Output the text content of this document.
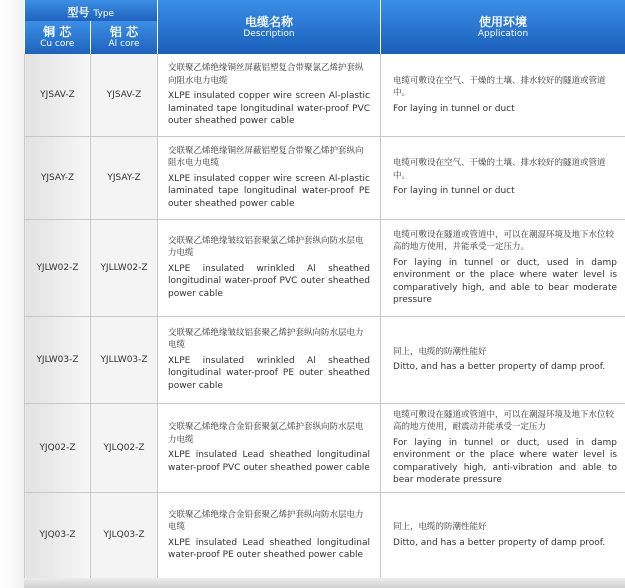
型号 Type		电缆名称
Description	使用环境
Application

铜 芯
Cu core	铝 芯
Al core		

YJSAV-Z	YJSAV-Z	交联聚乙烯绝缘铜丝屏蔽铝塑复合带聚氯乙烯护套纵向阻水电力电缆
XLPE insulated copper wire screen Al-plastic laminated tape longitudinal water-proof PVC outer sheathed power cable	电缆可敷设在空气、干燥的土壤、排水较好的隧道或管道中。
For laying in tunnel or duct

YJSAY-Z	YJSAY-Z	交联聚乙烯绝缘铜丝屏蔽铝塑复合带聚乙烯护套纵向阻水电力电缆
XLPE insulated copper wire screen Al-plastic laminated tape longitudinal water-proof PE outer sheathed power cable	电缆可敷设在空气、干燥的土壤、排水较好的隧道或管道中。
For laying in tunnel or duct

YJLW02-Z	YJLLW02-Z	交联聚乙烯绝缘皱纹铝套聚氯乙烯护套纵向防水层电力电缆
XLPE insulated wrinkled Al sheathed longitudinal water-proof PVC outer sheathed power cable	电缆可敷设在隧道或管道中，可以在潮湿环境及地下水位较高的地方使用，并能承受一定压力。
For laying in tunnel or duct, used in damp environment or the place where water level is comparatively high, and able to bear moderate pressure

YJLW03-Z	YJLLW03-Z	交联聚乙烯绝缘皱纹铝套聚乙烯护套纵向防水层电力电缆
XLPE insulated wrinkled Al sheathed longitudinal water-proof PE outer sheathed power cable	同上，电缆的防潮性能好
Ditto, and has a better property of damp proof.

YJQ02-Z	YJLQ02-Z	交联聚乙烯绝缘合金铅套聚氯乙烯护套纵向防水层电力电缆
XLPE insulated Lead sheathed longitudinal water-proof PVC outer sheathed power cable	电缆可敷设在隧道或管道中，可以在潮湿环境及地下水位较高的地方使用，耐震动并能承受一定压力
For laying in tunnel or duct, used in damp environment or the place where water level is comparatively high, anti-vibration and able to bear moderate pressure

YJQ03-Z	YJLQ03-Z	交联聚乙烯绝缘合金铅套聚乙烯护套纵向防水层电力电缆
XLPE insulated Lead sheathed longitudinal water-proof PE outer sheathed power cable	同上，电缆的防潮性能好
Ditto, and has a better property of damp proof.
